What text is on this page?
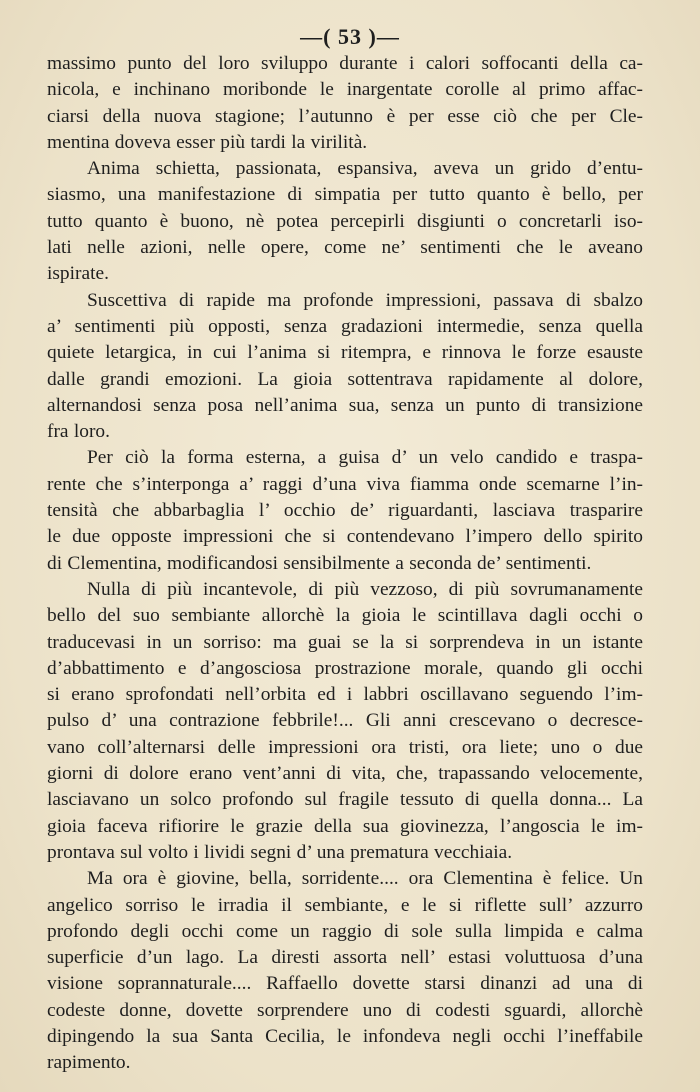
—( 53 )—
massimo punto del loro sviluppo durante i calori soffocanti della ca-
nicola, e inchinano moribonde le inargentate corolle al primo affac-
ciarsi della nuova stagione; l’autunno è per esse ciò che per Cle-
mentina doveva esser più tardi la virilità.
Anima schietta, passionata, espansiva, aveva un grido d’entu-
siasmo, una manifestazione di simpatia per tutto quanto è bello, per
tutto quanto è buono, nè potea percepirli disgiunti o concretarli iso-
lati nelle azioni, nelle opere, come ne’ sentimenti che le aveano
ispirate.
Suscettiva di rapide ma profonde impressioni, passava di sbalzo
a’ sentimenti più opposti, senza gradazioni intermedie, senza quella
quiete letargica, in cui l’anima si ritempra, e rinnova le forze esauste
dalle grandi emozioni. La gioia sottentrava rapidamente al dolore,
alternandosi senza posa nell’anima sua, senza un punto di transizione
fra loro.
Per ciò la forma esterna, a guisa d’ un velo candido e traspa-
rente che s’interponga a’ raggi d’una viva fiamma onde scemarne l’in-
tensità che abbarbaglia l’ occhio de’ riguardanti, lasciava trasparire
le due opposte impressioni che si contendevano l’impero dello spirito
di Clementina, modificandosi sensibilmente a seconda de’ sentimenti.
Nulla di più incantevole, di più vezzoso, di più sovrumanamente
bello del suo sembiante allorchè la gioia le scintillava dagli occhi o
traducevasi in un sorriso: ma guai se la si sorprendeva in un istante
d’abbattimento e d’angosciosa prostrazione morale, quando gli occhi
si erano sprofondati nell’orbita ed i labbri oscillavano seguendo l’im-
pulso d’ una contrazione febbrile!... Gli anni crescevano o decresce-
vano coll’alternarsi delle impressioni ora tristi, ora liete; uno o due
giorni di dolore erano vent’anni di vita, che, trapassando velocemente,
lasciavano un solco profondo sul fragile tessuto di quella donna... La
gioia faceva rifiorire le grazie della sua giovinezza, l’angoscia le im-
prontava sul volto i lividi segni d’ una prematura vecchiaia.
Ma ora è giovine, bella, sorridente.... ora Clementina è felice. Un
angelico sorriso le irradia il sembiante, e le si riflette sull’ azzurro
profondo degli occhi come un raggio di sole sulla limpida e calma
superficie d’un lago. La diresti assorta nell’ estasi voluttuosa d’una
visione soprannaturale.... Raffaello dovette starsi dinanzi ad una di
codeste donne, dovette sorprendere uno di codesti sguardi, allorchè
dipingendo la sua Santa Cecilia, le infondeva negli occhi l’ineffabile
rapimento.
